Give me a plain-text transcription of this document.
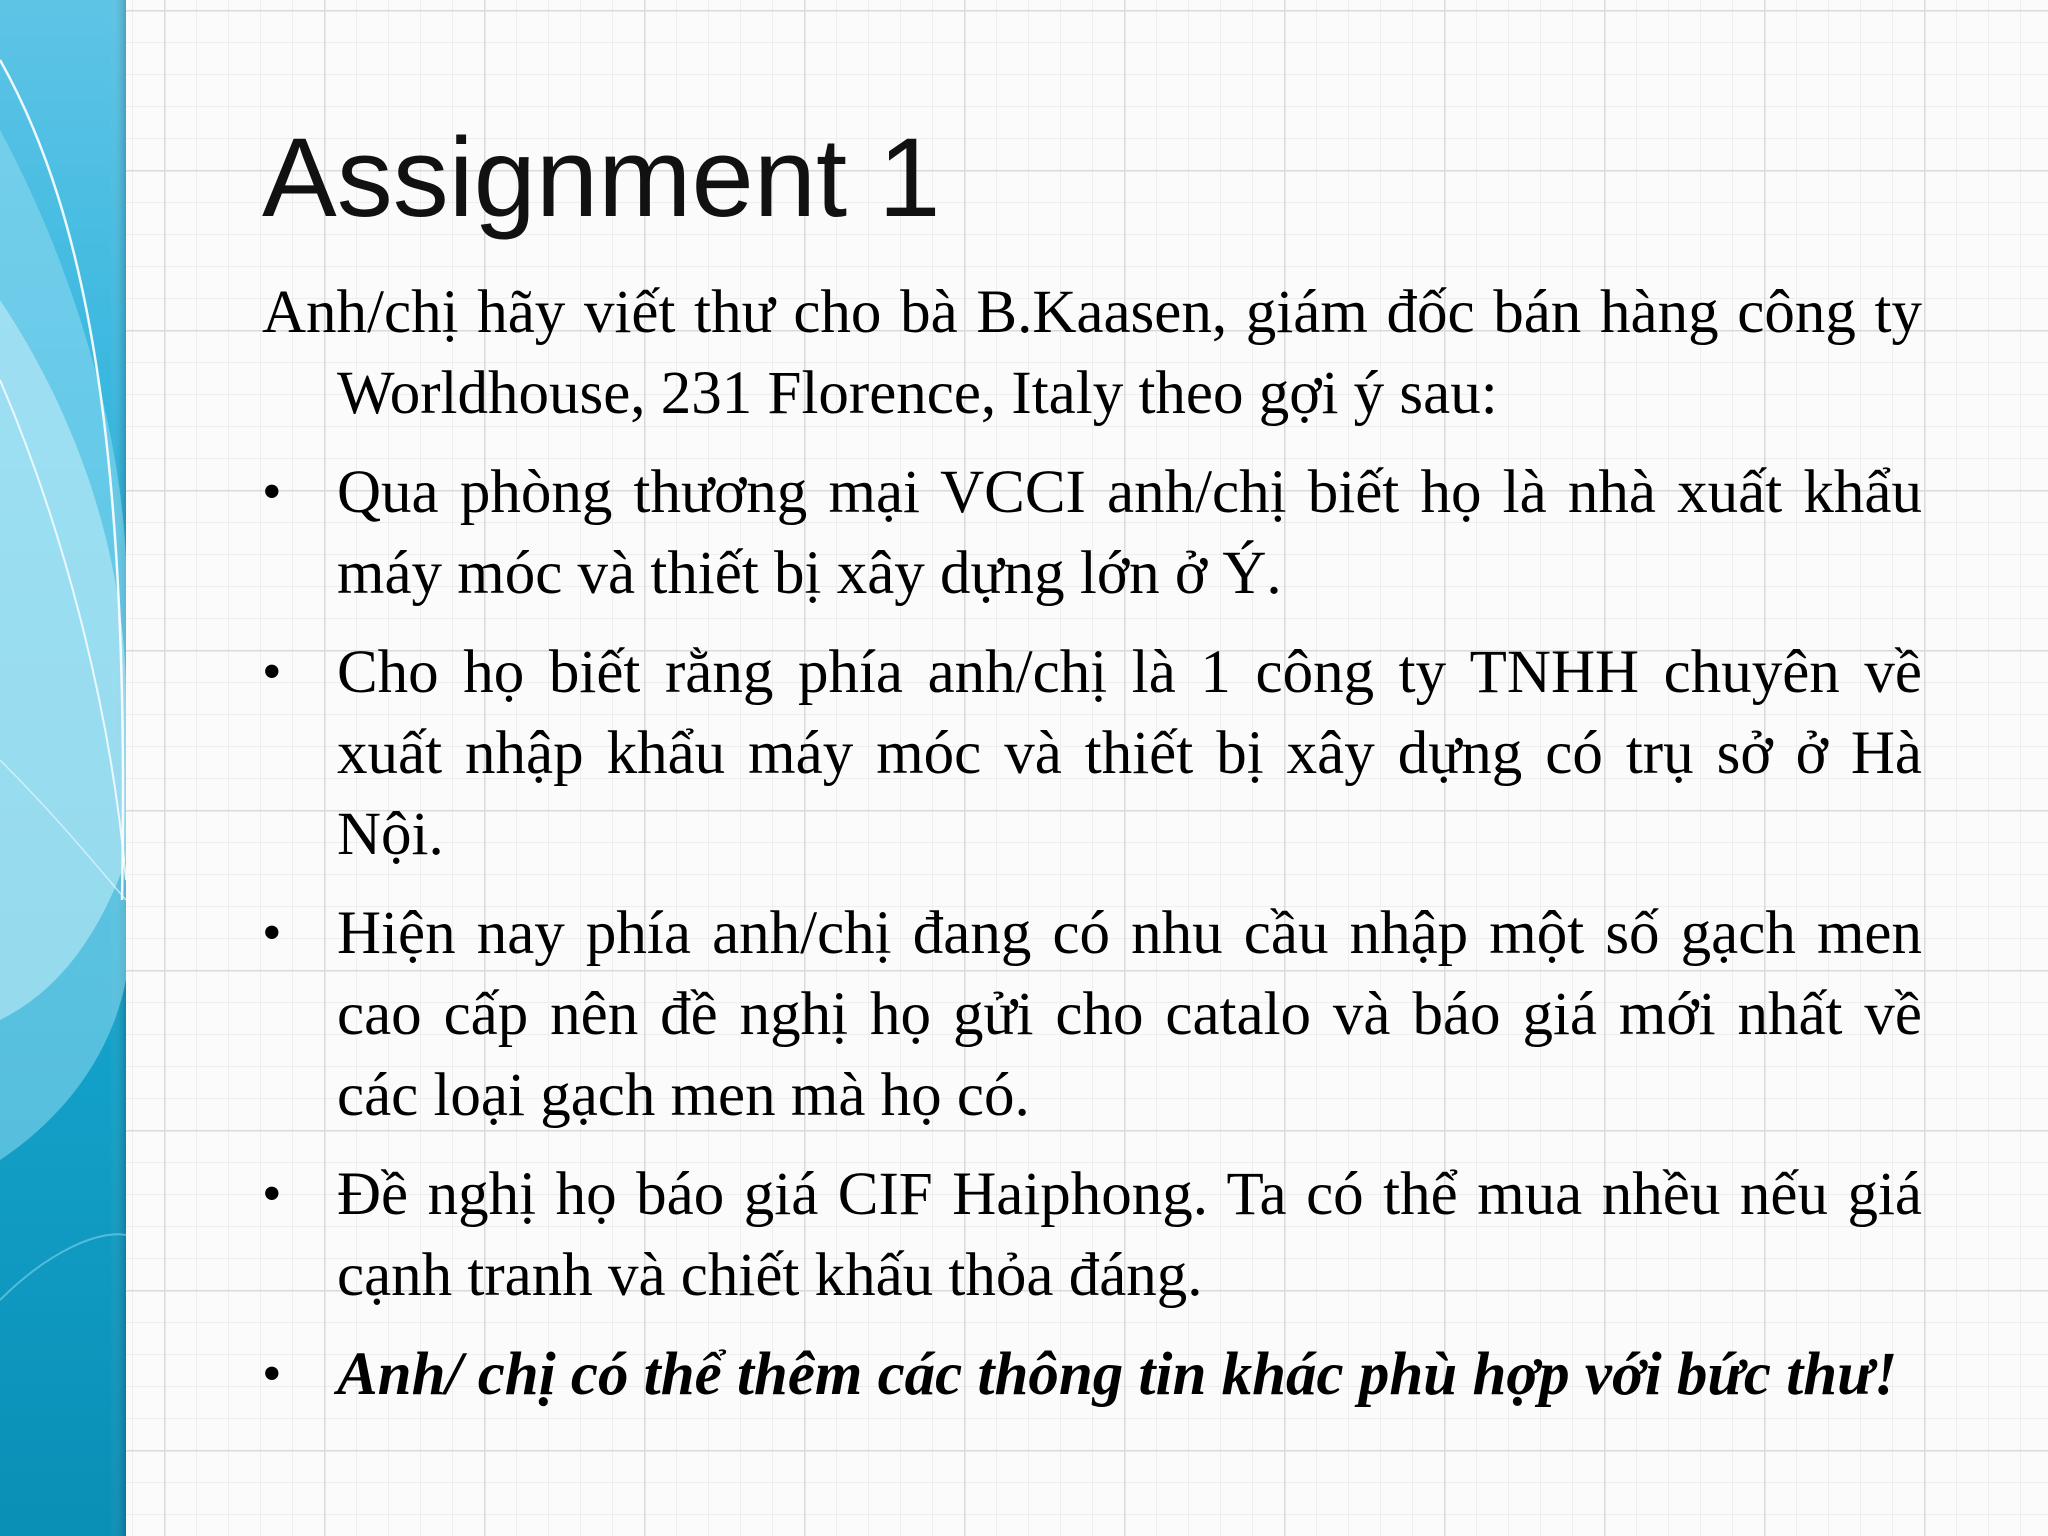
Assignment 1

Anh/chị hãy viết thư cho bà B.Kaasen, giám đốc bán hàng công ty Worldhouse, 231 Florence, Italy theo gợi ý sau:

• Qua phòng thương mại VCCI anh/chị biết họ là nhà xuất khẩu máy móc và thiết bị xây dựng lớn ở Ý.
• Cho họ biết rằng phía anh/chị là 1 công ty TNHH chuyên về xuất nhập khẩu máy móc và thiết bị xây dựng có trụ sở ở Hà Nội.
• Hiện nay phía anh/chị đang có nhu cầu nhập một số gạch men cao cấp nên đề nghị họ gửi cho catalo và báo giá mới nhất về các loại gạch men mà họ có.
• Đề nghị họ báo giá CIF Haiphong. Ta có thể mua nhều nếu giá cạnh tranh và chiết khấu thỏa đáng.
• Anh/ chị có thể thêm các thông tin khác phù hợp với bức thư!
